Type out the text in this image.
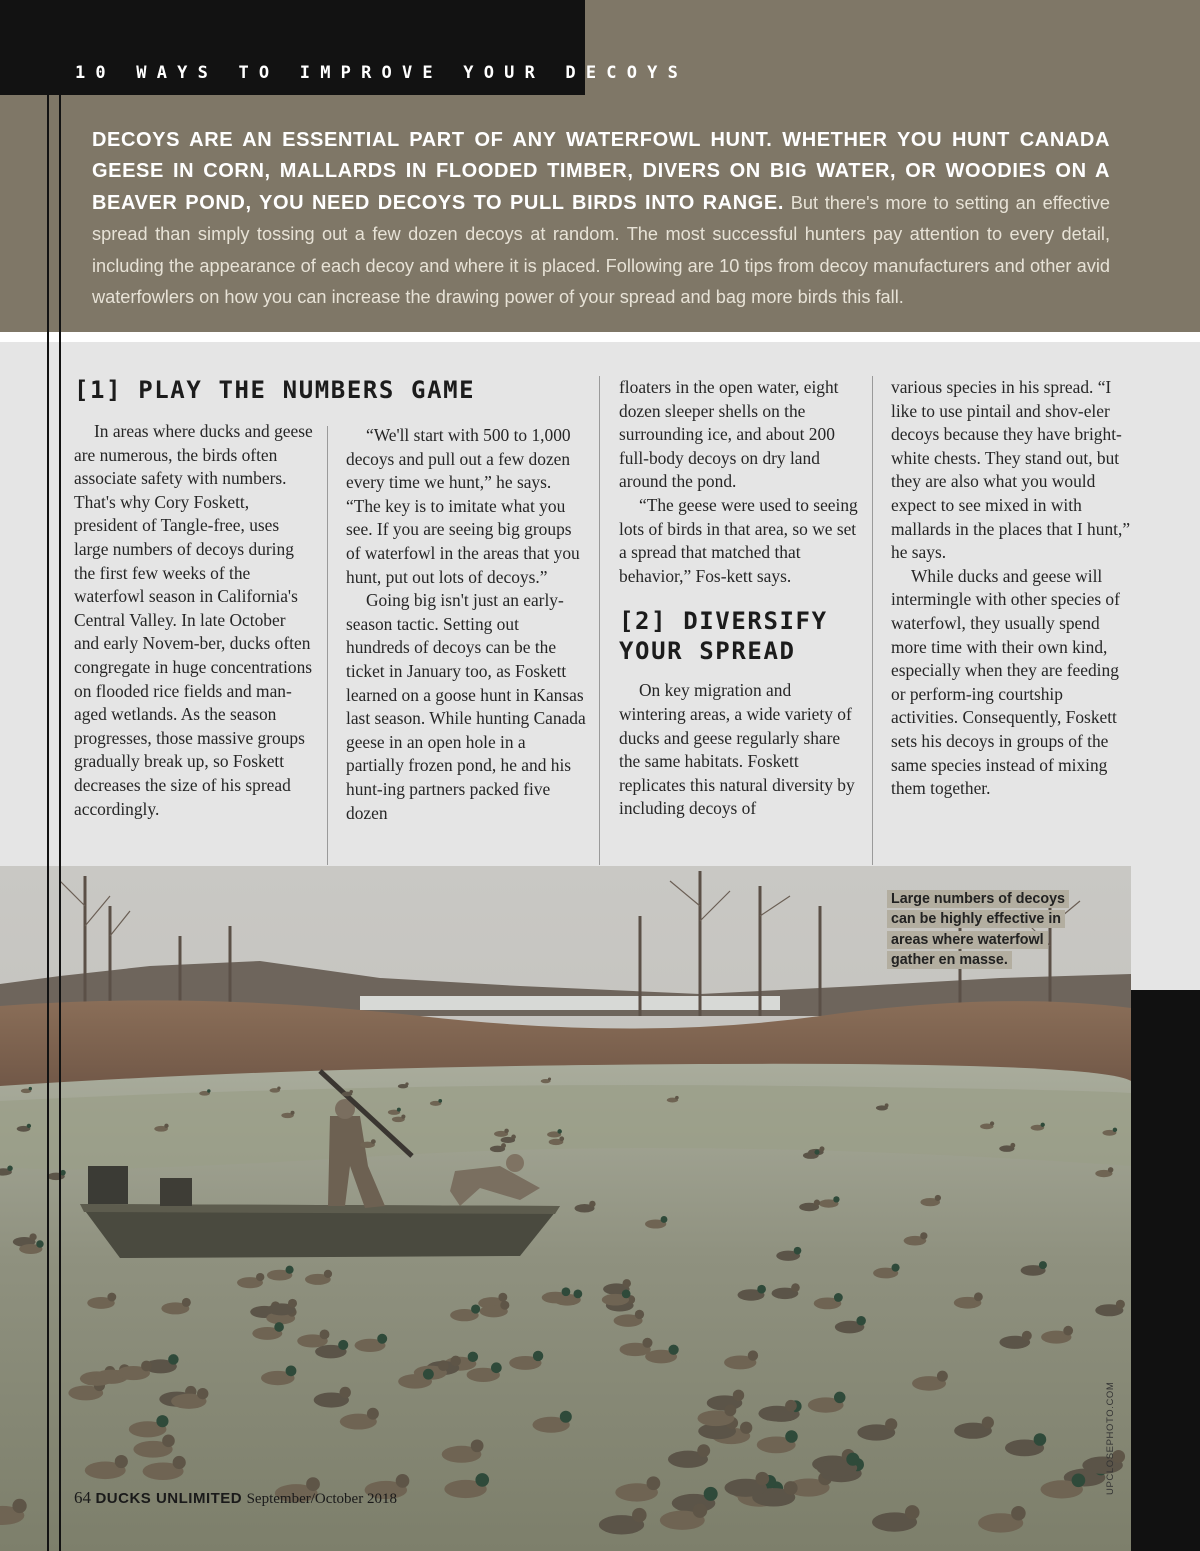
10 WAYS TO IMPROVE YOUR DECOYS
DECOYS ARE AN ESSENTIAL PART OF ANY WATERFOWL HUNT. WHETHER YOU HUNT CANADA GEESE IN CORN, MALLARDS IN FLOODED TIMBER, DIVERS ON BIG WATER, OR WOODIES ON A BEAVER POND, YOU NEED DECOYS TO PULL BIRDS INTO RANGE. But there's more to setting an effective spread than simply tossing out a few dozen decoys at random. The most successful hunters pay attention to every detail, including the appearance of each decoy and where it is placed. Following are 10 tips from decoy manufacturers and other avid waterfowlers on how you can increase the drawing power of your spread and bag more birds this fall.
[1] PLAY THE NUMBERS GAME

In areas where ducks and geese are numerous, the birds often associate safety with numbers. That's why Cory Foskett, president of Tangle-free, uses large numbers of decoys during the first few weeks of the waterfowl season in California's Central Valley. In late October and early Novem-ber, ducks often congregate in huge concentrations on flooded rice fields and man-aged wetlands. As the season progresses, those massive groups gradually break up, so Foskett decreases the size of his spread accordingly.

“We'll start with 500 to 1,000 decoys and pull out a few dozen every time we hunt,” he says. “The key is to imitate what you see. If you are seeing big groups of waterfowl in the areas that you hunt, put out lots of decoys.”

Going big isn't just an early-season tactic. Setting out hundreds of decoys can be the ticket in January too, as Foskett learned on a goose hunt in Kansas last season. While hunting Canada geese in an open hole in a partially frozen pond, he and his hunt-ing partners packed five dozen

floaters in the open water, eight dozen sleeper shells on the surrounding ice, and about 200 full-body decoys on dry land around the pond.

“The geese were used to seeing lots of birds in that area, so we set a spread that matched that behavior,” Fos-kett says.

[2] DIVERSIFY
YOUR SPREAD

On key migration and wintering areas, a wide variety of ducks and geese regularly share the same habitats. Foskett replicates this natural diversity by including decoys of

various species in his spread. “I like to use pintail and shov-eler decoys because they have bright-white chests. They stand out, but they are also what you would expect to see mixed in with mallards in the places that I hunt,” he says.

While ducks and geese will intermingle with other species of waterfowl, they usually spend more time with their own kind, especially when they are feeding or perform-ing courtship activities. Consequently, Foskett sets his decoys in groups of the same species instead of mixing them together.

Large numbers of decoys can be highly effective in areas where waterfowl gather en masse.
UPCLOSEPHOTO.COM
64 DUCKS UNLIMITED September/October 2018
